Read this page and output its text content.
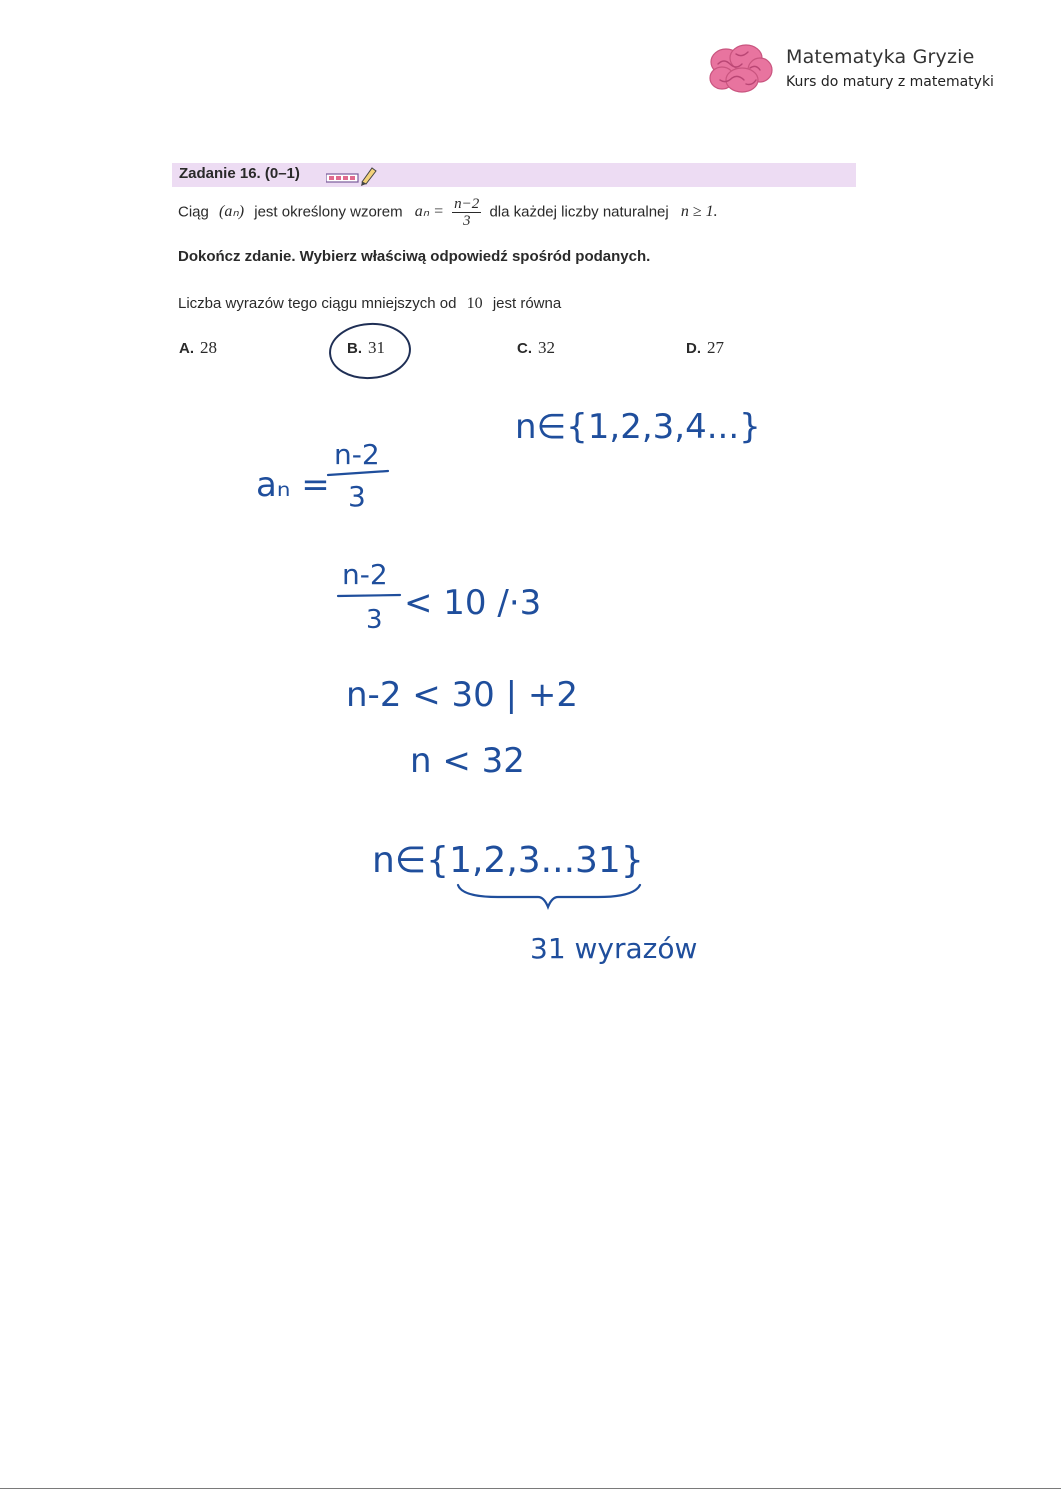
Matematyka Gryzie
Kurs do matury z matematyki
Zadanie 16. (0–1)
Ciąg (aₙ) jest określony wzorem $a_n = \frac{n-2}{3}$ dla każdej liczby naturalnej n ≥ 1.
Dokończ zdanie. Wybierz właściwą odpowiedź spośród podanych.
Liczba wyrazów tego ciągu mniejszych od 10 jest równa
A. 28	B. 31	C. 32	D. 27
n∈{1,2,3,4...}
aₙ =
n-2
3
n-2
3 < 10 /·3
n-2 < 30 | +2
n < 32
n∈{1,2,3...31}
31 wyrazów
